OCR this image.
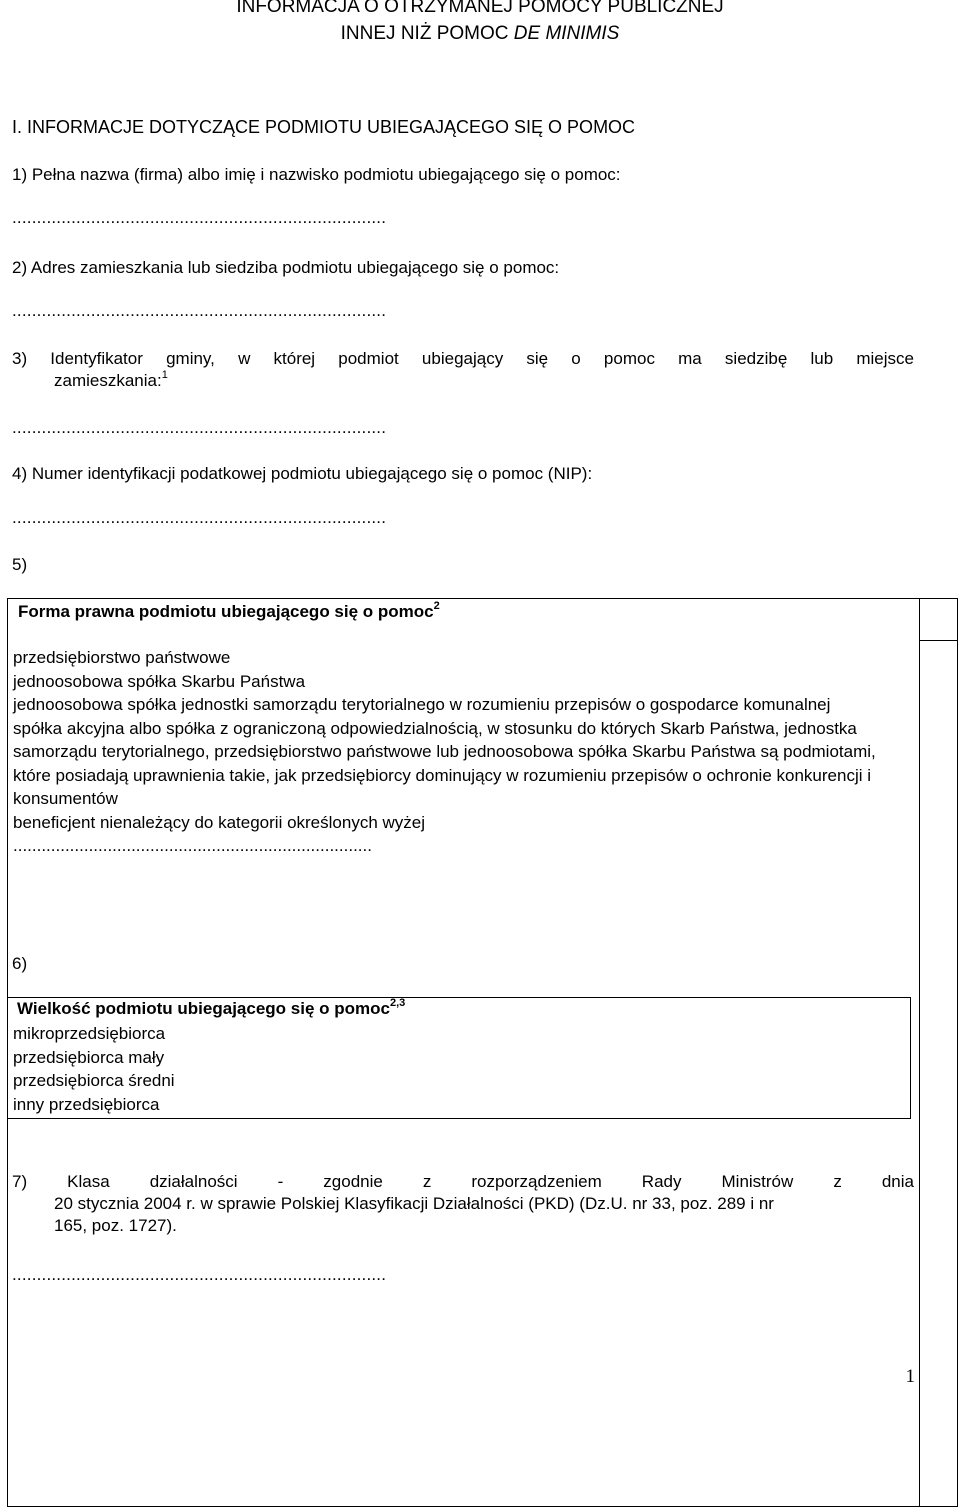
INFORMACJA O OTRZYMANEJ POMOCY PUBLICZNEJ
INNEJ NIŻ POMOC DE MINIMIS
I. INFORMACJE DOTYCZĄCE PODMIOTU UBIEGAJĄCEGO SIĘ O POMOC
1) Pełna nazwa (firma) albo imię i nazwisko podmiotu ubiegającego się o pomoc:
............................................................................
2) Adres zamieszkania lub siedziba podmiotu ubiegającego się o pomoc:
............................................................................
3) Identyfikator gminy, w której podmiot ubiegający się o pomoc ma siedzibę lub miejsce
zamieszkania:$^1$
............................................................................
4) Numer identyfikacji podatkowej podmiotu ubiegającego się o pomoc (NIP):
............................................................................
5)
Forma prawna podmiotu ubiegającego się o pomoc$^2$
przedsiębiorstwo państwowe
jednoosobowa spółka Skarbu Państwa
jednoosobowa spółka jednostki samorządu terytorialnego w rozumieniu przepisów o gospodarce komunalnej
spółka akcyjna albo spółka z ograniczoną odpowiedzialnością, w stosunku do których Skarb Państwa, jednostka samorządu terytorialnego, przedsiębiorstwo państwowe lub jednoosobowa spółka Skarbu Państwa są podmiotami, które posiadają uprawnienia takie, jak przedsiębiorcy dominujący w rozumieniu przepisów o ochronie konkurencji i konsumentów
beneficjent nienależący do kategorii określonych wyżej
............................................................................

6)
Wielkość podmiotu ubiegającego się o pomoc$^{2,3}$
mikroprzedsiębiorca
przedsiębiorca mały
przedsiębiorca średni
inny przedsiębiorca
7) Klasa działalności - zgodnie z rozporządzeniem Rady Ministrów z dnia
20 stycznia 2004 r. w sprawie Polskiej Klasyfikacji Działalności (PKD) (Dz.U. nr 33, poz. 289 i nr
165, poz. 1727).
............................................................................
1
